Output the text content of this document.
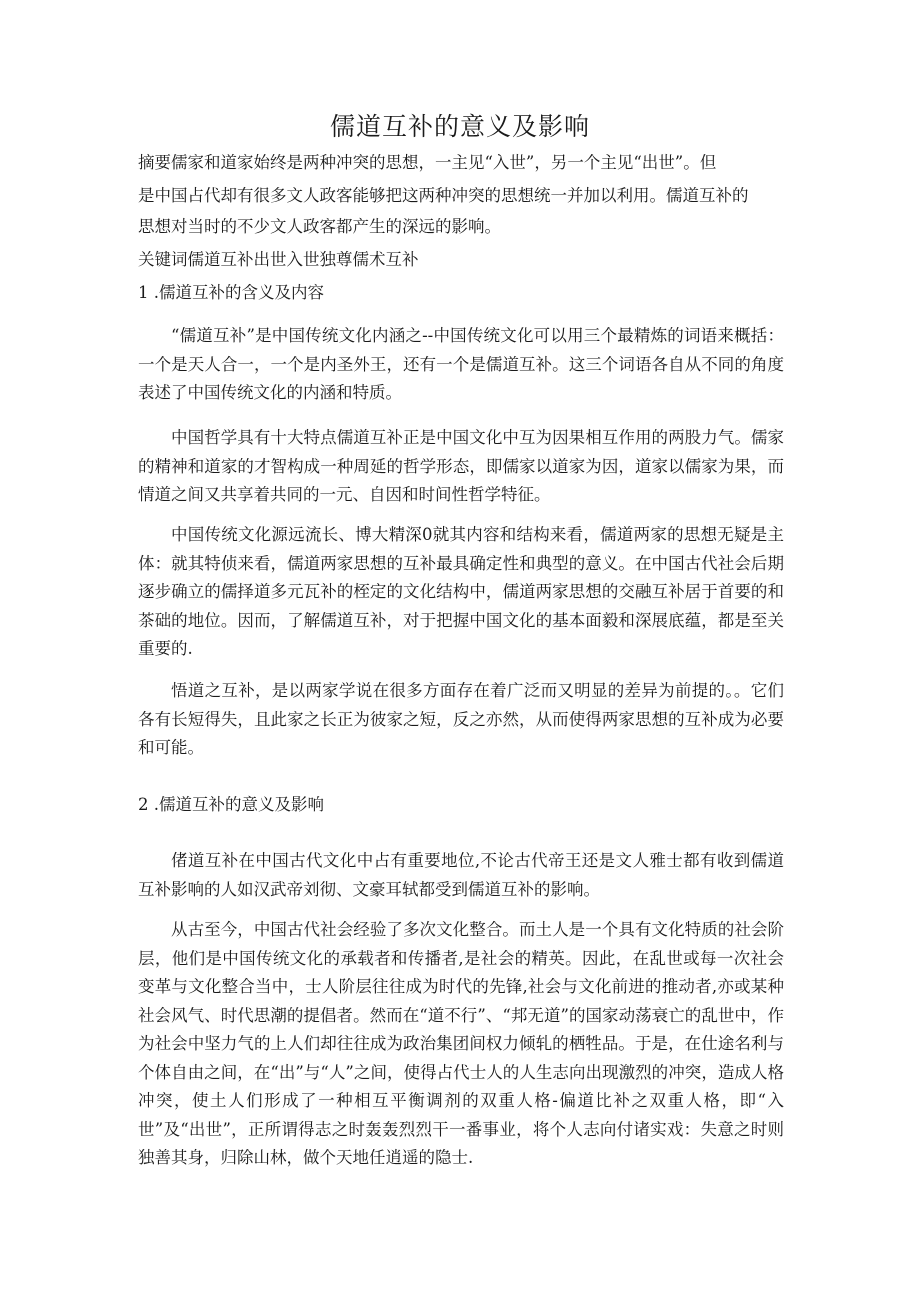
儒道互补的意义及影响

摘要儒家和道家始终是两种冲突的思想，一主见“入世”，另一个主见“出世”。但

是中国占代却有很多文人政客能够把这两种冲突的思想统一并加以利用。儒道互补的

思想对当时的不少文人政客都产生的深远的影响。

关键词儒道互补出世入世独尊儒术互补

1 .儒道互补的含义及内容

“儒道互补”是中国传统文化内涵之--中国传统文化可以用三个最精炼的词语来概括：一个是天人合一，一个是内圣外王，还有一个是儒道互补。这三个词语各自从不同的角度表述了中国传统文化的内涵和特质。

中国哲学具有十大特点儒道互补正是中国文化中互为因果相互作用的两股力气。儒家的精神和道家的才智构成一种周延的哲学形态，即儒家以道家为因，道家以儒家为果，而情道之间又共享着共同的一元、自因和时间性哲学特征。

中国传统文化源远流长、博大精深0就其内容和结构来看，儒道两家的思想无疑是主体：就其特侦来看，儒道两家思想的互补最具确定性和典型的意义。在中国古代社会后期逐步确立的儒择道多元瓦补的桎定的文化结构中，儒道两家思想的交融互补居于首要的和茶础的地位。因而，了解儒道互补，对于把握中国文化的基本面毅和深展底蕴，都是至关重要的.

悟道之互补，是以两家学说在很多方面存在着广泛而又明显的差异为前提的。。它们各有长短得失，且此家之长正为彼家之短，反之亦然，从而使得两家思想的互补成为必要和可能。

2 .儒道互补的意义及影响

偖道互补在中国古代文化中占有重要地位,不论古代帝王还是文人雅士都有收到儒道互补影响的人如汉武帝刘彻、文豪耳轼都受到儒道互补的影响。

从古至今，中国古代社会经验了多次文化整合。而土人是一个具有文化特质的社会阶层，他们是中国传统文化的承载者和传播者,是社会的精英。因此，在乱世或每一次社会变革与文化整合当中，士人阶层往往成为时代的先锋,社会与文化前进的推动者,亦或某种社会风气、时代思潮的提倡者。然而在“道不行”、“邦无道”的国家动荡衰亡的乱世中，作为社会中坚力气的上人们却往往成为政治集团间权力倾轧的栖牲品。于是，在仕途名利与个体自由之间，在“出”与“人”之间，使得占代士人的人生志向出现激烈的冲突，造成人格冲突，使土人们形成了一种相互平衡调剂的双重人格-偏道比补之双重人格，即“入世”及“出世”，正所谓得志之时轰轰烈烈干一番事业，将个人志向付诸实戏：失意之时则独善其身，归除山林，做个天地任逍遥的隐士.
